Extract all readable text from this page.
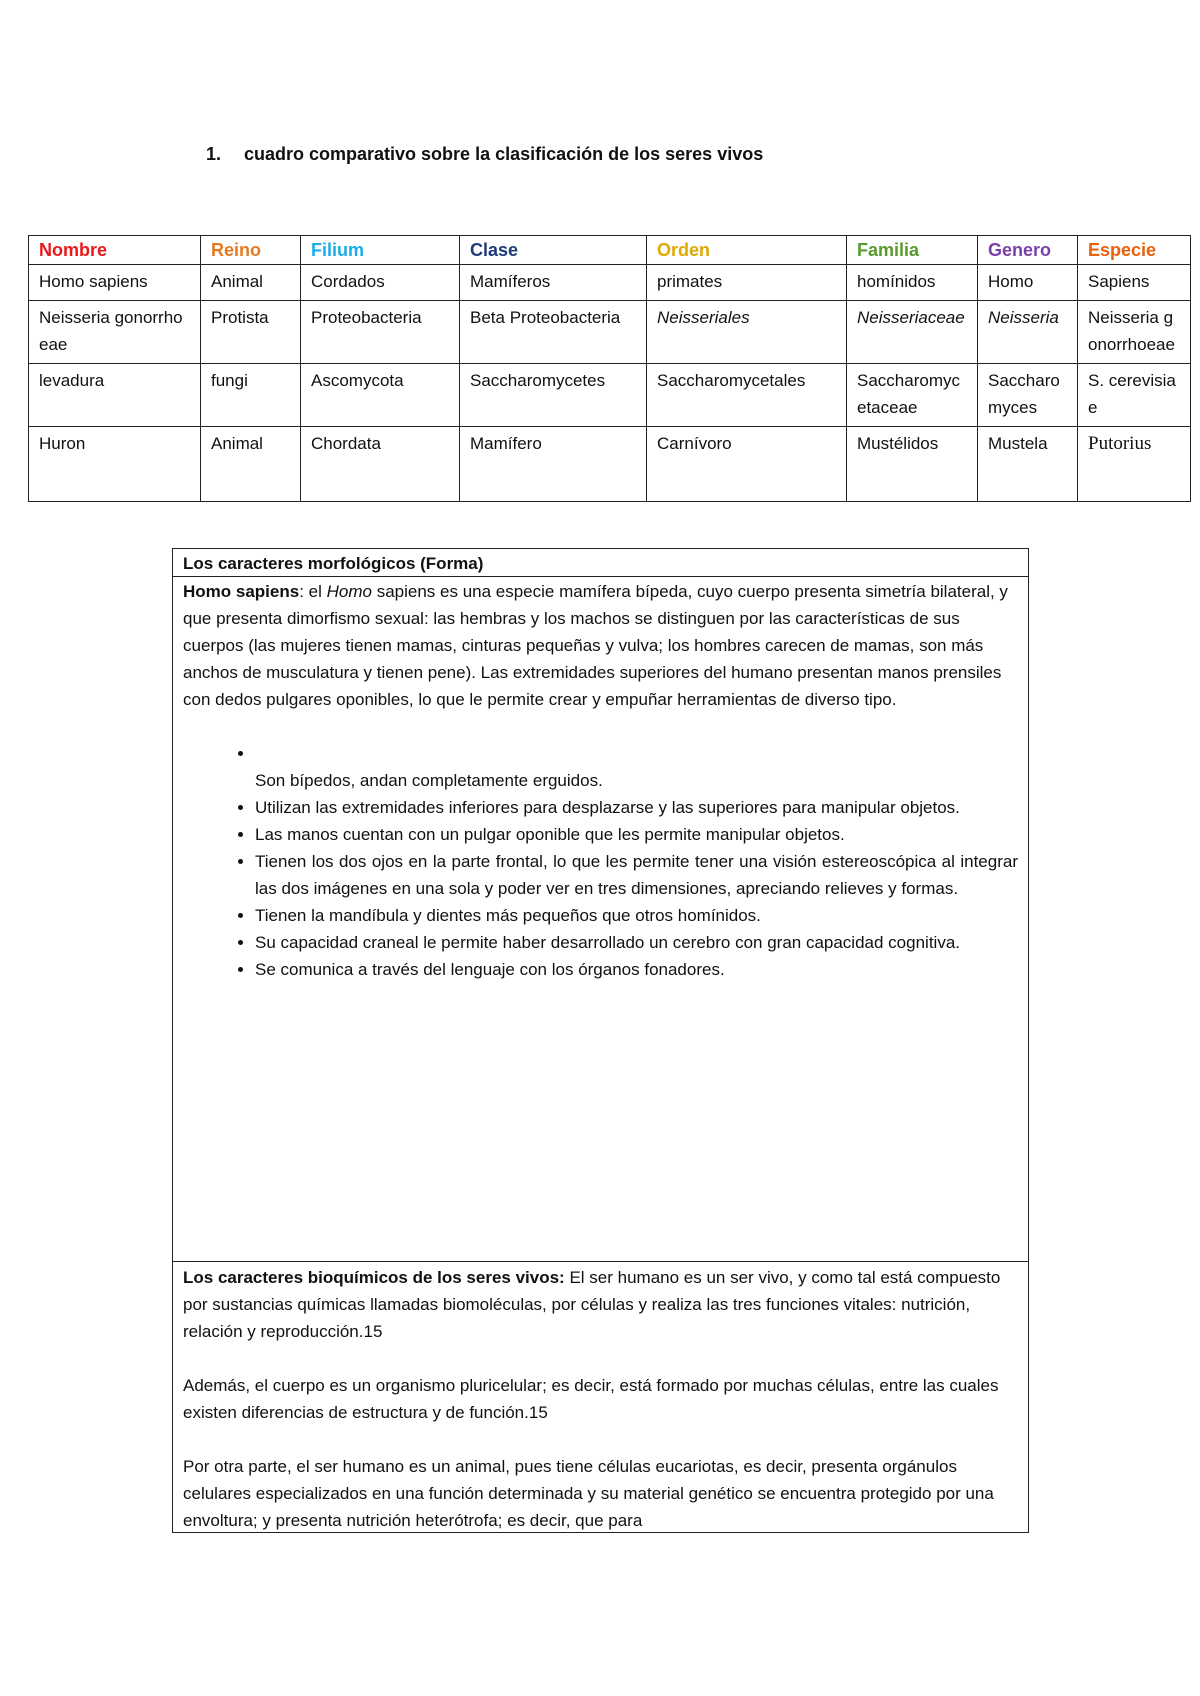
1. cuadro comparativo sobre la clasificación de los seres vivos
Nombre	Reino	Filium	Clase	Orden	Familia	Genero	Especie
Homo sapiens	Animal	Cordados	Mamíferos	primates	homínidos	Homo	Sapiens
Neisseria gonorrhoeae	Protista	Proteobacteria	Beta Proteobacteria	Neisseriales	Neisseriaceae	Neisseria	Neisseria gonorrhoeae
levadura	fungi	Ascomycota	Saccharomycetes	Saccharomycetales	Saccharomycetaceae	Saccharomyces	S. cerevisiae
Huron	Animal	Chordata	Mamífero	Carnívoro	Mustélidos	Mustela	Putorius
Los caracteres morfológicos (Forma)

Homo sapiens: el Homo sapiens es una especie mamífera bípeda, cuyo cuerpo presenta simetría bilateral, y que presenta dimorfismo sexual: las hembras y los machos se distinguen por las características de sus cuerpos (las mujeres tienen mamas, cinturas pequeñas y vulva; los hombres carecen de mamas, son más anchos de musculatura y tienen pene). Las extremidades superiores del humano presentan manos prensiles con dedos pulgares oponibles, lo que le permite crear y empuñar herramientas de diverso tipo.

•
Son bípedos, andan completamente erguidos.
• Utilizan las extremidades inferiores para desplazarse y las superiores para manipular objetos.
• Las manos cuentan con un pulgar oponible que les permite manipular objetos.
• Tienen los dos ojos en la parte frontal, lo que les permite tener una visión estereoscópica al integrar las dos imágenes en una sola y poder ver en tres dimensiones, apreciando relieves y formas.
• Tienen la mandíbula y dientes más pequeños que otros homínidos.
• Su capacidad craneal le permite haber desarrollado un cerebro con gran capacidad cognitiva.
• Se comunica a través del lenguaje con los órganos fonadores.

Los caracteres bioquímicos de los seres vivos: El ser humano es un ser vivo, y como tal está compuesto por sustancias químicas llamadas biomoléculas, por células y realiza las tres funciones vitales: nutrición, relación y reproducción.15

Además, el cuerpo es un organismo pluricelular; es decir, está formado por muchas células, entre las cuales existen diferencias de estructura y de función.15

Por otra parte, el ser humano es un animal, pues tiene células eucariotas, es decir, presenta orgánulos celulares especializados en una función determinada y su material genético se encuentra protegido por una envoltura; y presenta nutrición heterótrofa; es decir, que para
